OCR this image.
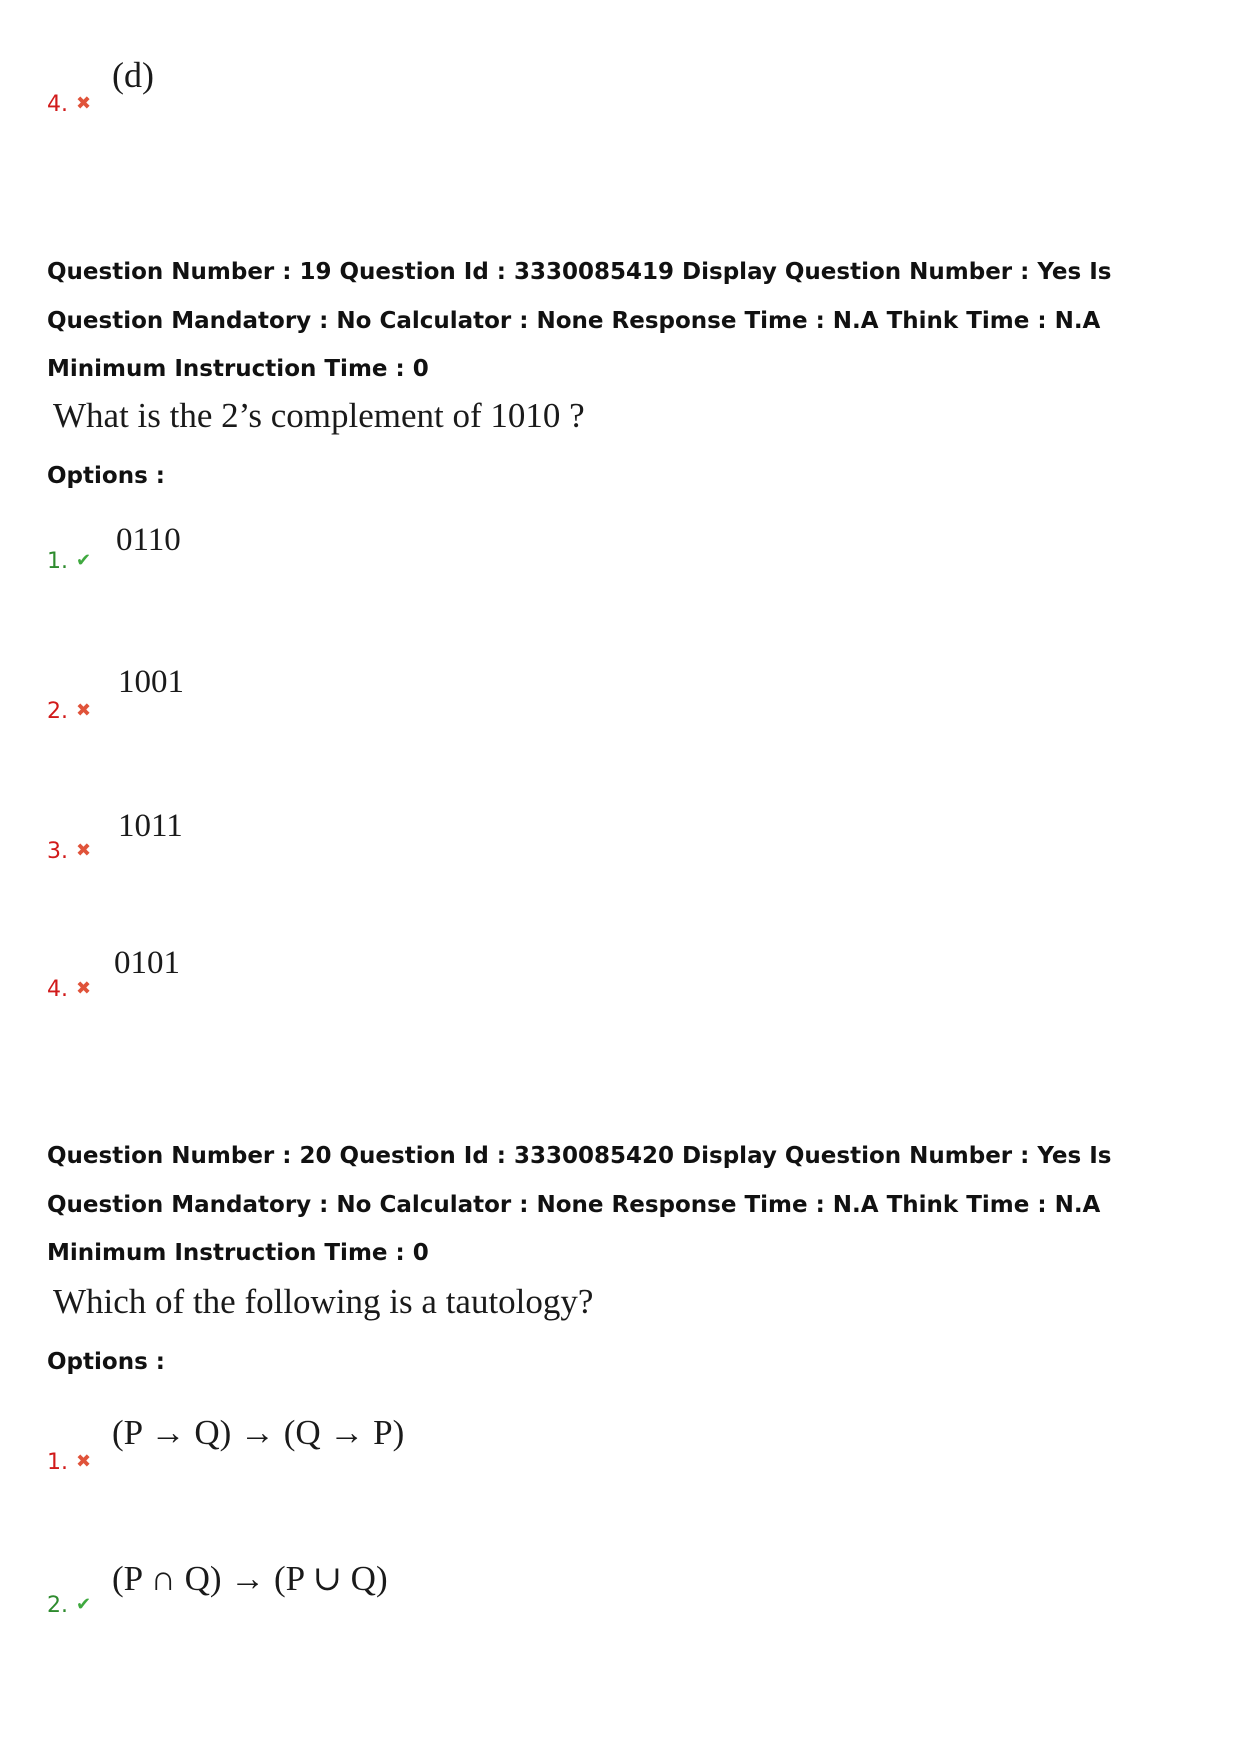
4. ✖
(d)
Question Number : 19 Question Id : 3330085419 Display Question Number : Yes Is Question Mandatory : No Calculator : None Response Time : N.A Think Time : N.A Minimum Instruction Time : 0
What is the 2’s complement of 1010 ?
Options :
1. ✔
0110
2. ✖
1001
3. ✖
1011
4. ✖
0101
Question Number : 20 Question Id : 3330085420 Display Question Number : Yes Is Question Mandatory : No Calculator : None Response Time : N.A Think Time : N.A Minimum Instruction Time : 0
Which of the following is a tautology?
Options :
1. ✖
(P → Q) → (Q → P)
2. ✔
(P ∩ Q) → (P ∪ Q)
